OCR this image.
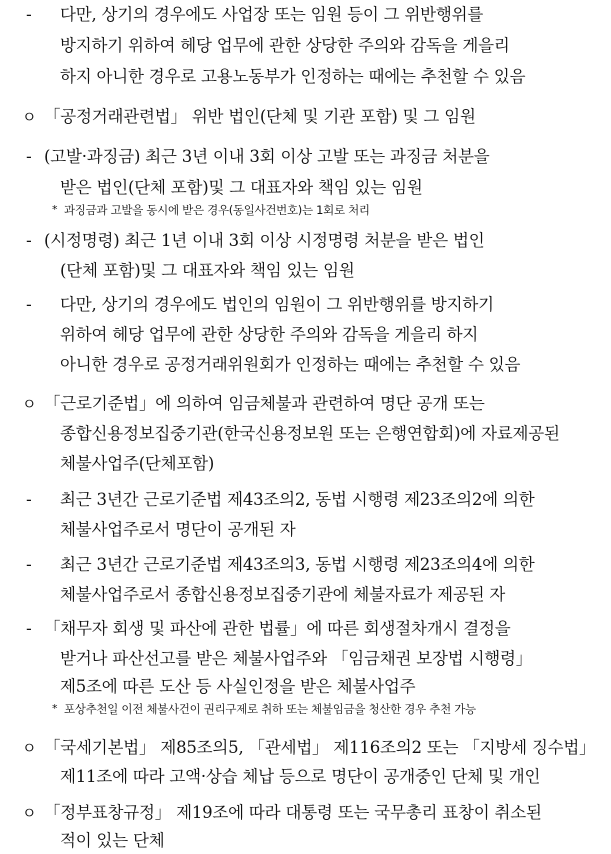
- 다만, 상기의 경우에도 사업장 또는 임원 등이 그 위반행위를
방지하기 위하여 헤당 업무에 관한 상당한 주의와 감독을 게을리
하지 아니한 경우로 고용노동부가 인정하는 때에는 추천할 수 있음
ㅇ 「공정거래관련법」 위반 법인(단체 및 기관 포함) 및 그 임원
- (고발·과징금) 최근 3년 이내 3회 이상 고발 또는 과징금 처분을
받은 법인(단체 포함)및 그 대표자와 책임 있는 임원
* 과징금과 고발을 동시에 받은 경우(동일사건번호)는 1회로 처리
- (시정명령) 최근 1년 이내 3회 이상 시정명령 처분을 받은 법인
(단체 포함)및 그 대표자와 책임 있는 임원
- 다만, 상기의 경우에도 법인의 임원이 그 위반행위를 방지하기
위하여 헤당 업무에 관한 상당한 주의와 감독을 게을리 하지
아니한 경우로 공정거래위원회가 인정하는 때에는 추천할 수 있음
ㅇ 「근로기준법」에 의하여 임금체불과 관련하여 명단 공개 또는
종합신용정보집중기관(한국신용정보원 또는 은행연합회)에 자료제공된
체불사업주(단체포함)
- 최근 3년간 근로기준법 제43조의2, 동법 시행령 제23조의2에 의한
체불사업주로서 명단이 공개된 자
- 최근 3년간 근로기준법 제43조의3, 동법 시행령 제23조의4에 의한
체불사업주로서 종합신용정보집중기관에 체불자료가 제공된 자
- 「채무자 회생 및 파산에 관한 법률」에 따른 회생절차개시 결정을
받거나 파산선고를 받은 체불사업주와 「임금채권 보장법 시행령」
제5조에 따른 도산 등 사실인정을 받은 체불사업주
* 포상추천일 이전 체불사건이 권리구제로 취하 또는 체불임금을 청산한 경우 추천 가능
ㅇ 「국세기본법」 제85조의5, 「관세법」 제116조의2 또는 「지방세 징수법」
제11조에 따라 고액·상습 체납 등으로 명단이 공개중인 단체 및 개인
ㅇ 「정부표창규정」 제19조에 따라 대통령 또는 국무총리 표창이 취소된
적이 있는 단체
